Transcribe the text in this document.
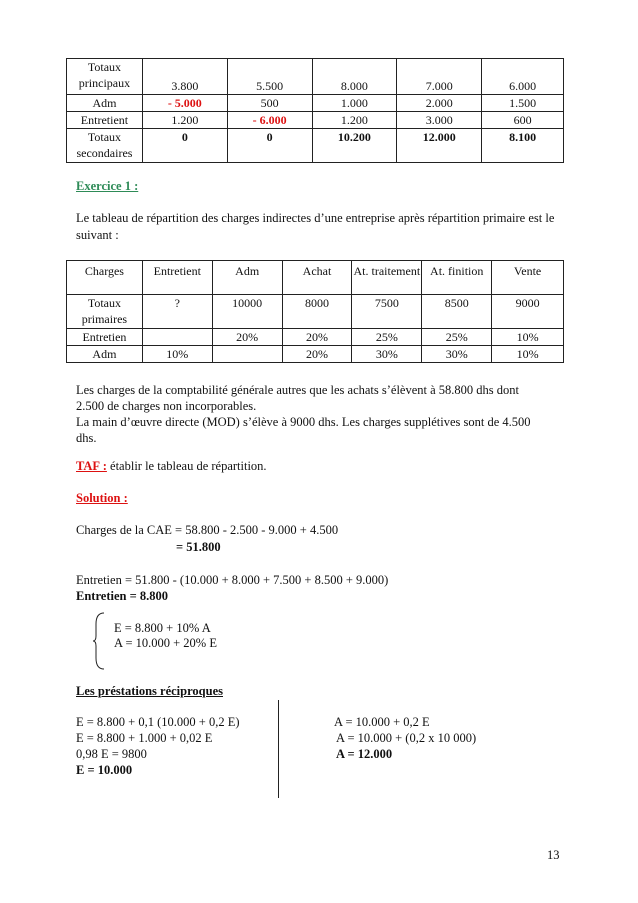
Totaux principaux	3.800	5.500	8.000	7.000	6.000
Adm	- 5.000	500	1.000	2.000	1.500
Entretient	1.200	- 6.000	1.200	3.000	600
Totaux secondaires	0	0	10.200	12.000	8.100
Exercice 1 :
Le tableau de répartition des charges indirectes d’une entreprise après répartition primaire est le suivant :
Charges	Entretient	Adm	Achat	At. traitement	At. finition	Vente
Totaux primaires	?	10000	8000	7500	8500	9000
Entretien		20%	20%	25%	25%	10%
Adm	10%		20%	30%	30%	10%
Les charges de la comptabilité générale autres que les achats s’élèvent à 58.800 dhs dont
2.500 de charges non incorporables.
La main d’œuvre directe (MOD) s’élève à 9000 dhs. Les charges supplétives sont de 4.500
dhs.
TAF : établir le tableau de répartition.
Solution :
Charges de la CAE = 58.800 - 2.500 - 9.000 + 4.500
= 51.800
Entretien = 51.800 - (10.000 + 8.000 + 7.500 + 8.500 + 9.000)
Entretien = 8.800
E = 8.800 + 10% A
A = 10.000 + 20% E
Les préstations réciproques
E = 8.800 + 0,1 (10.000 + 0,2 E)
E = 8.800 + 1.000 + 0,02 E
0,98 E = 9800
E = 10.000
A = 10.000 + 0,2 E
A = 10.000 + (0,2 x 10 000)
A = 12.000
13
